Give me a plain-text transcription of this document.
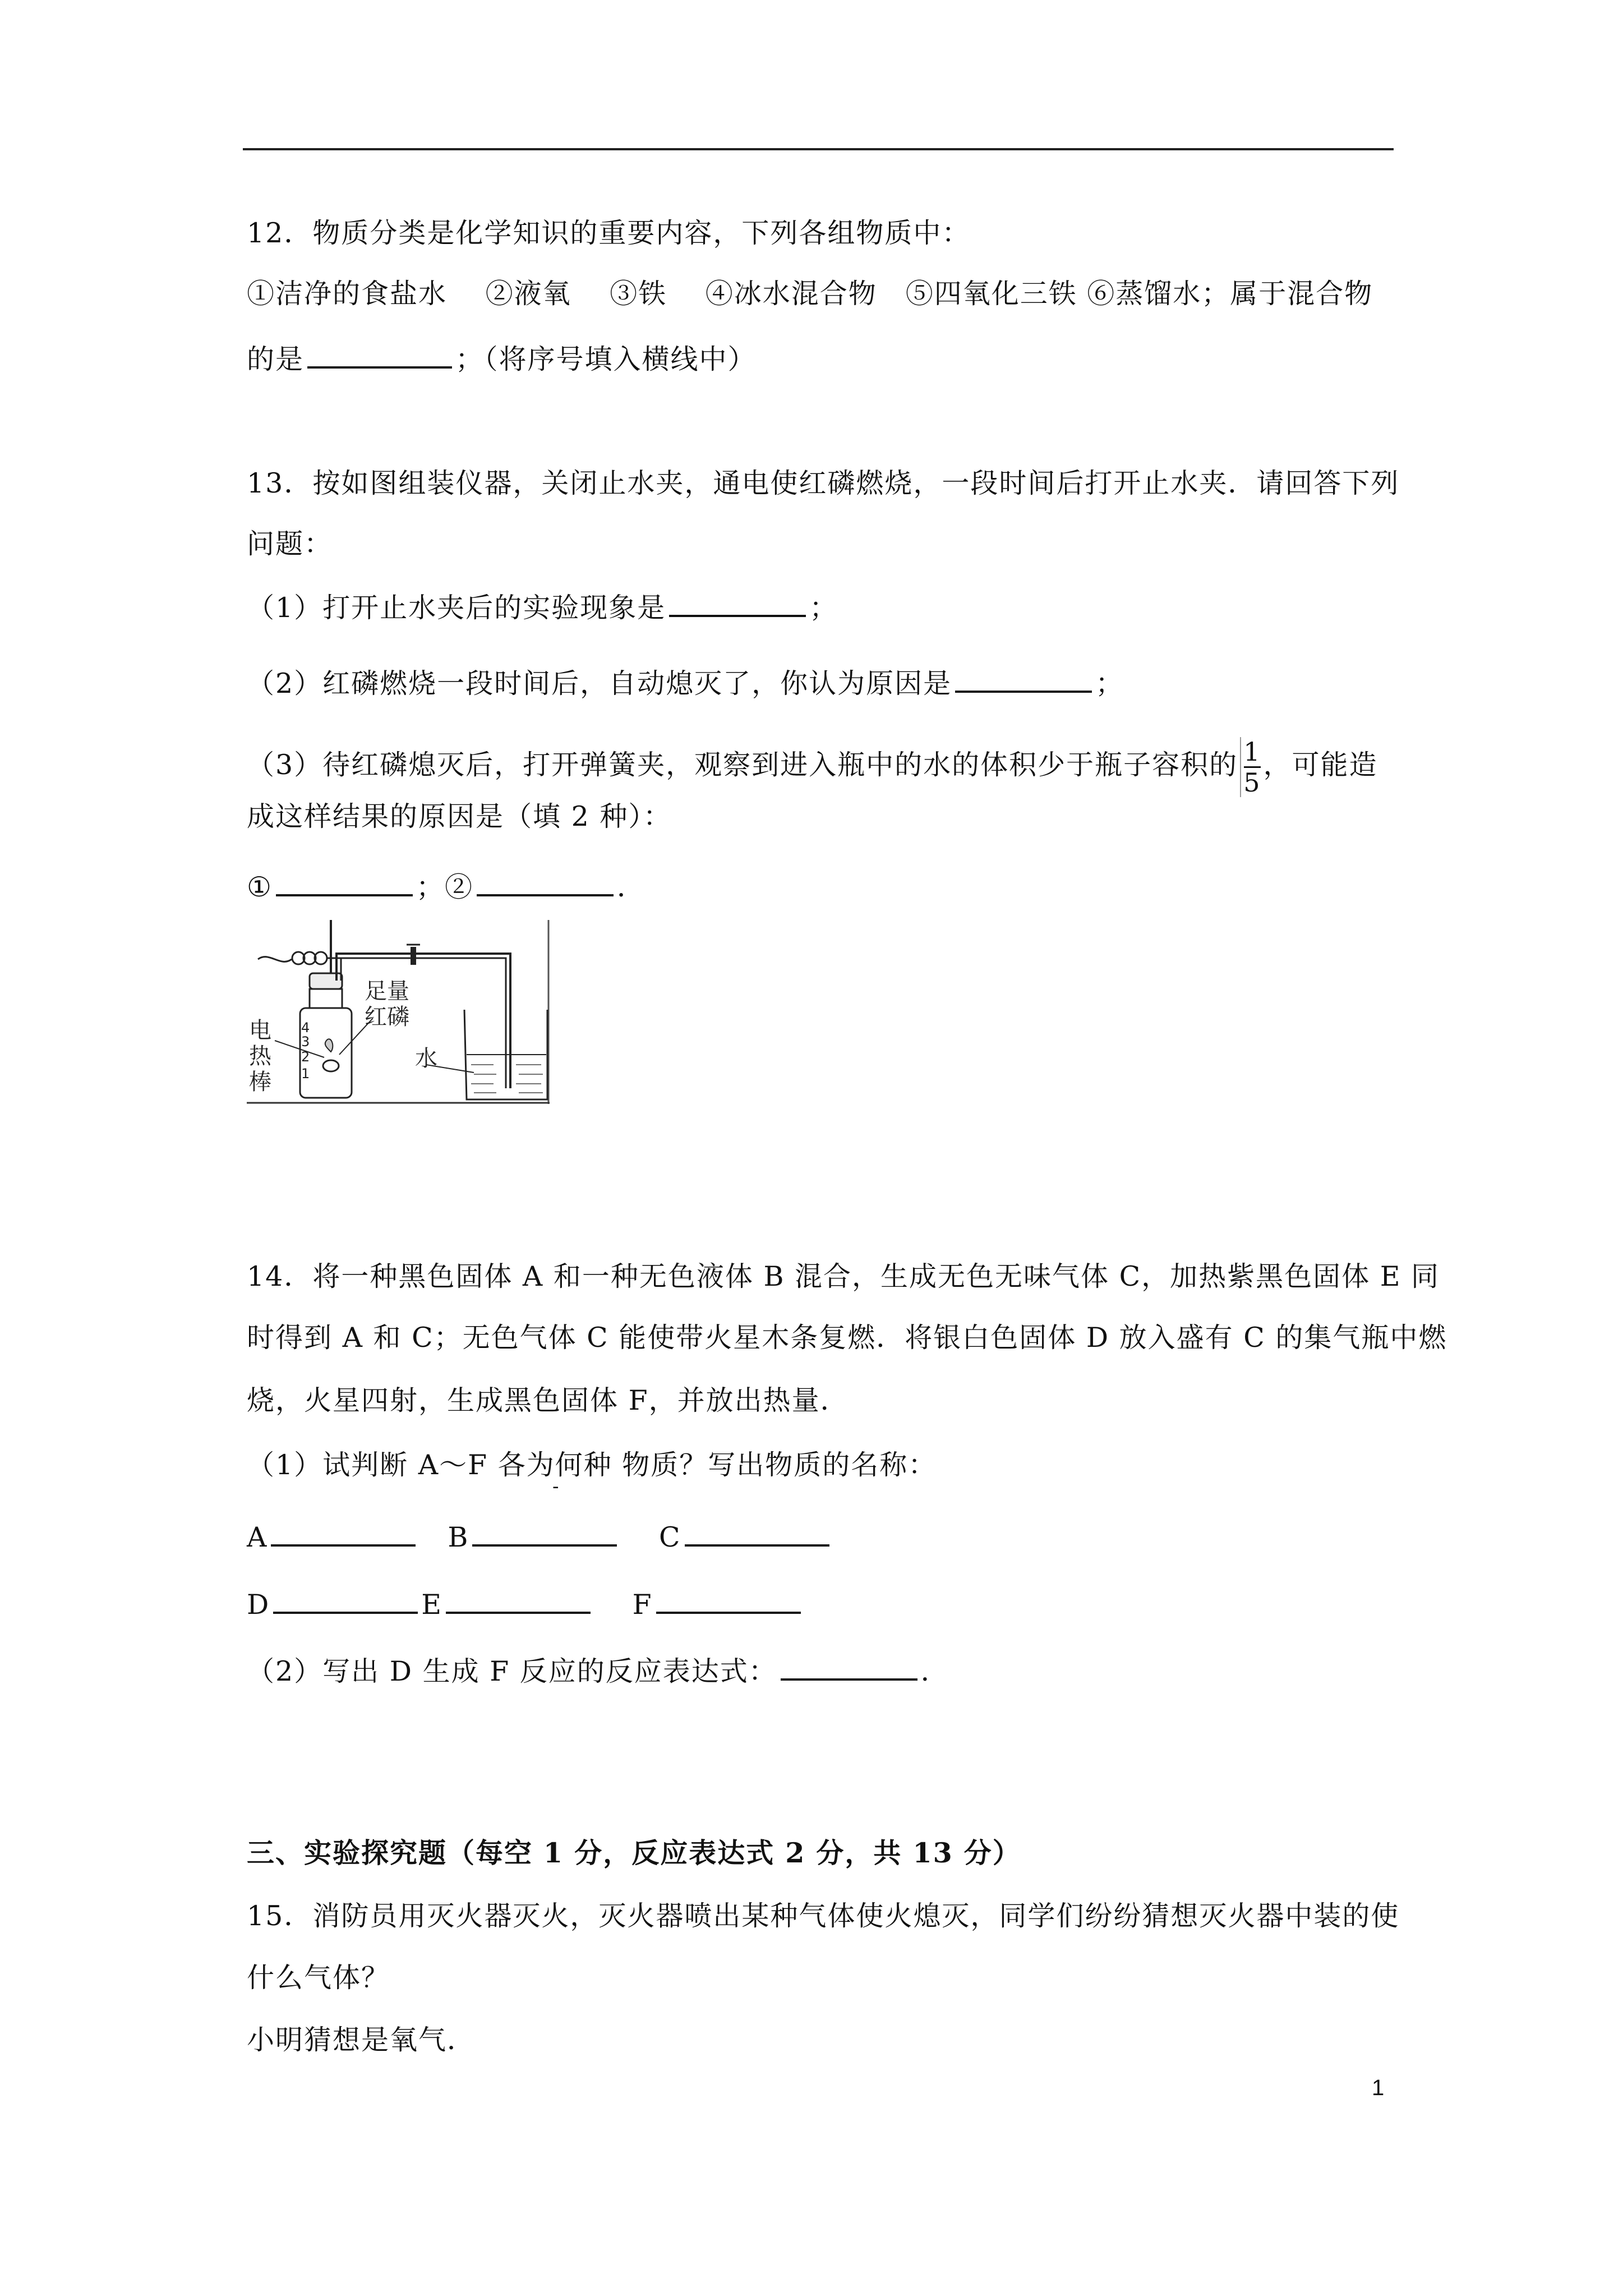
12．物质分类是化学知识的重要内容，下列各组物质中：
①洁净的食盐水　 ②液氧　 ③铁　 ④冰水混合物　⑤四氧化三铁 ⑥蒸馏水；属于混合物
的是	；（将序号填入横线中）
13．按如图组装仪器，关闭止水夹，通电使红磷燃烧，一段时间后打开止水夹．请回答下列
问题：
（1）打开止水夹后的实验现象是	；
（2）红磷燃烧一段时间后，自动熄灭了，你认为原因是	；
（3）待红磷熄灭后，打开弹簧夹，观察到进入瓶中的水的体积少于瓶子容积的 $\frac{1}{5}$ ，可能造
成这样结果的原因是（填 2 种）：
①	；②	．
4
3
2
1
电
热
棒
足量
红磷
水
14．将一种黑色固体 A 和一种无色液体 B 混合，生成无色无味气体 C，加热紫黑色固体 E 同
时得到 A 和 C；无色气体 C 能使带火星木条复燃．将银白色固体 D 放入盛有 C 的集气瓶中燃
烧，火星四射，生成黑色固体 F，并放出热量．
-
（1）试判断 A～F 各为何种 物质？写出物质的名称：
A　	B　	C
D	E　	F
（2）写出 D 生成 F 反应的反应表达式：	．
三、实验探究题（每空 1 分，反应表达式 2 分，共 13 分）
15．消防员用灭火器灭火，灭火器喷出某种气体使火熄灭，同学们纷纷猜想灭火器中装的使
什么气体？
小明猜想是氧气．
1
